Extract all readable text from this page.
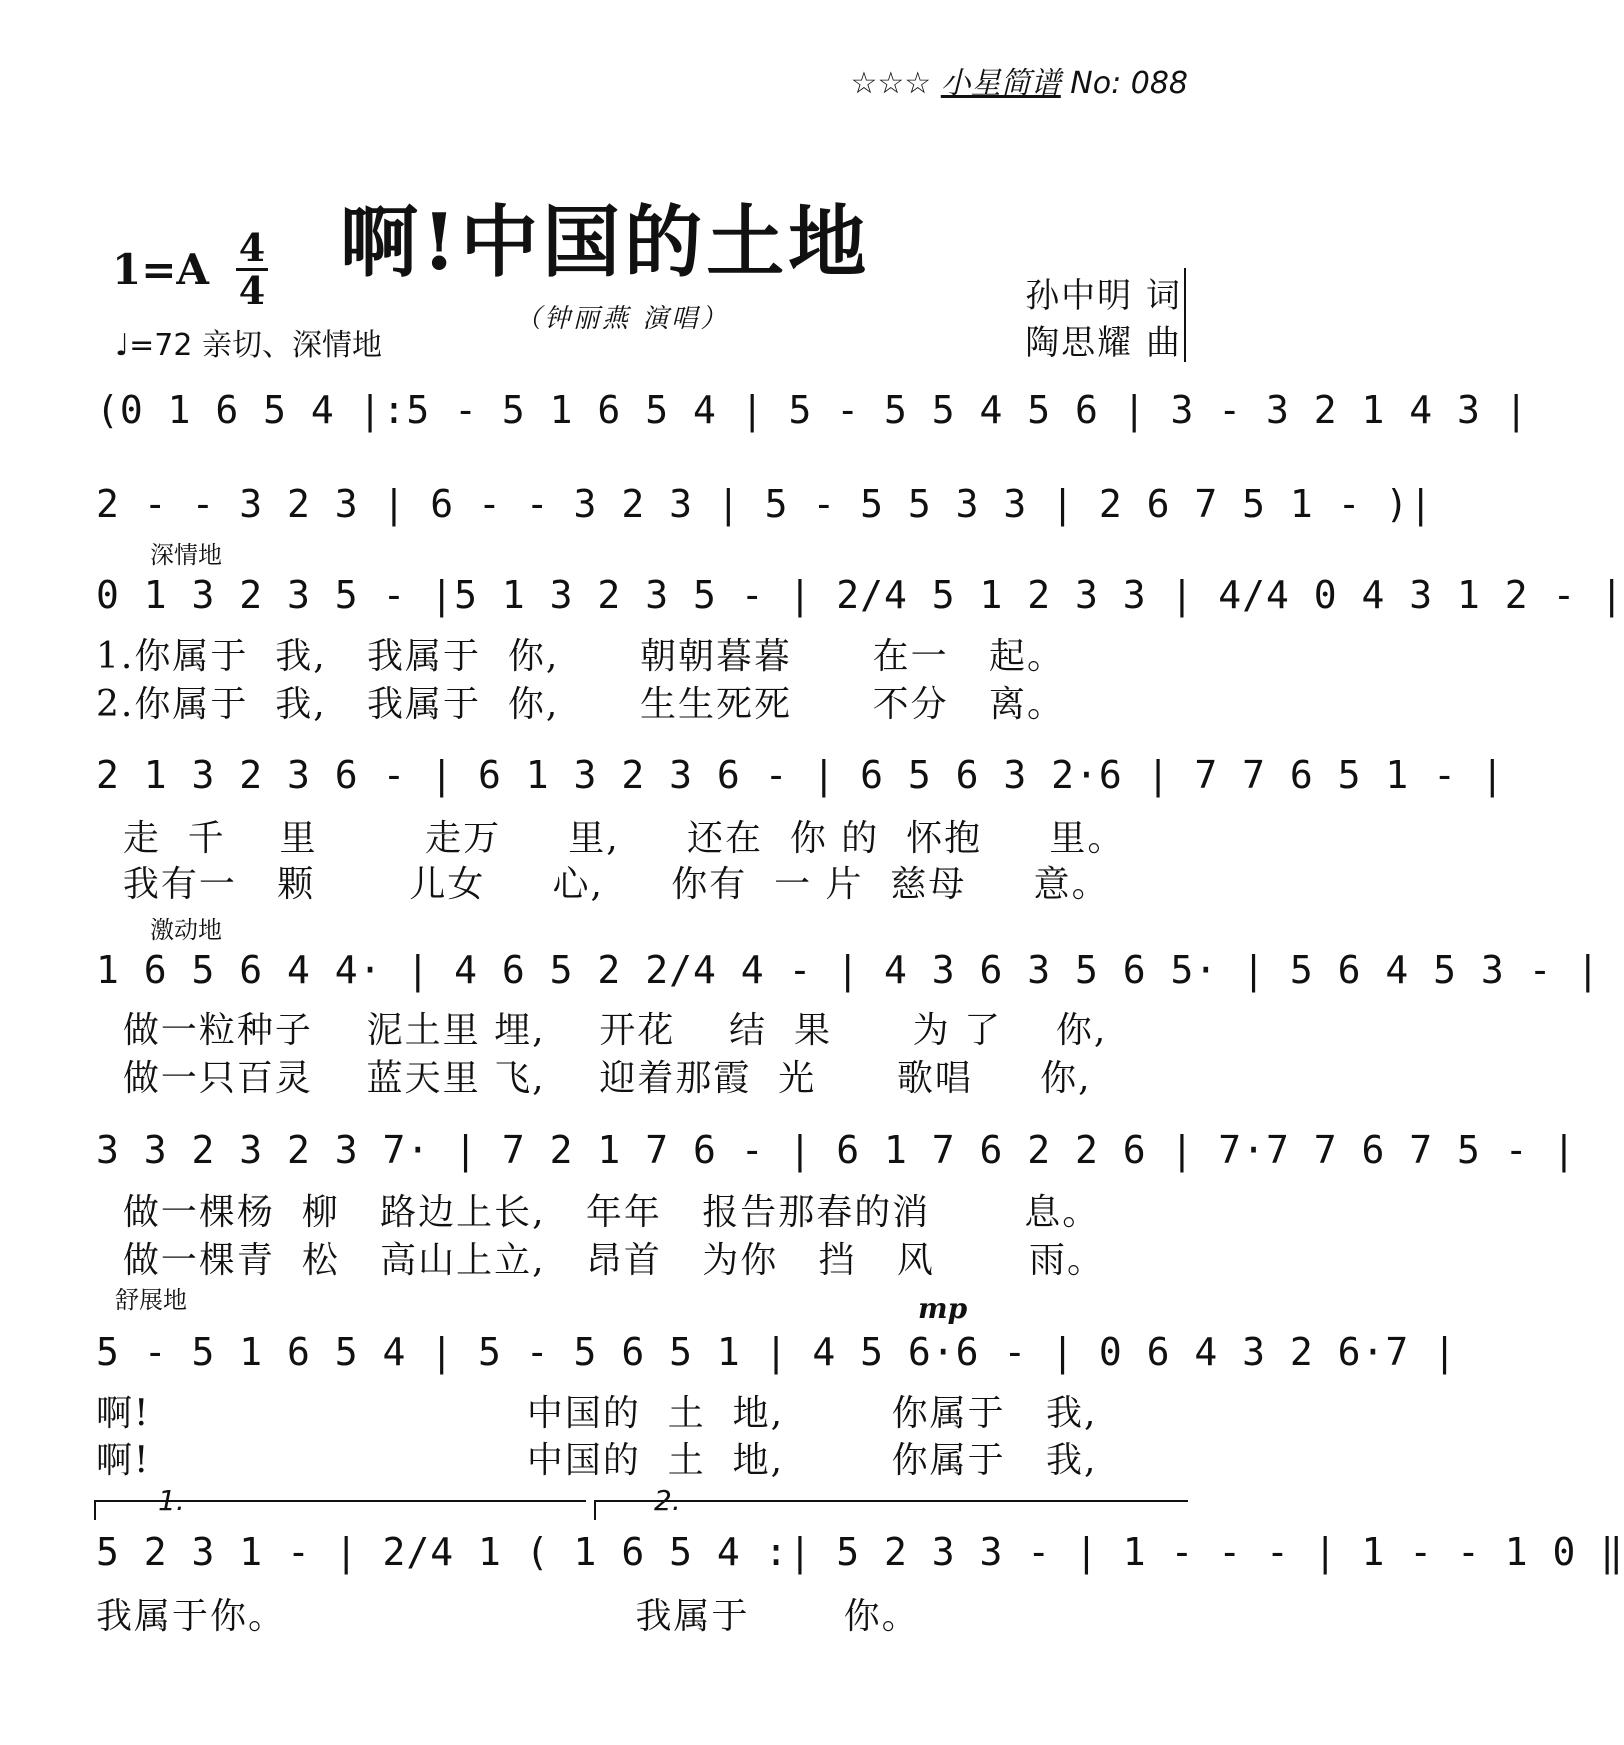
☆☆☆ 小星简谱 No: 088
啊!中国的土地
（钟丽燕 演唱）
1=A 4
4
♩=72 亲切、深情地
孙中明 词
陶思耀 曲
(0 1 6 5 4 |:5 - 5 1 6 5 4 | 5 - 5 5 4 5 6 | 3 - 3 2 1 4 3 |
2 - - 3 2 3 | 6 - - 3 2 3 | 5 - 5 5 3 3 | 2 6 7 5 1 - )|
深情地
0 1 3 2 3 5 - |5 1 3 2 3 5 - | 2/4 5 1 2 3 3 | 4/4 0 4 3 1 2 - |
1.你属于  我,   我属于  你,      朝朝暮暮      在一   起。
2.你属于  我,   我属于  你,      生生死死      不分   离。
2 1 3 2 3 6 - | 6 1 3 2 3 6 - | 6 5 6 3 2·6 | 7 7 6 5 1 - |
走  千    里        走万     里,     还在  你 的  怀抱     里。
我有一   颗       儿女     心,     你有  一 片  慈母     意。
激动地
1 6 5 6 4 4· | 4 6 5 2 2/4 4 - | 4 3 6 3 5 6 5· | 5 6 4 5 3 - |
做一粒种子    泥土里 埋,    开花    结  果      为 了    你,
做一只百灵    蓝天里 飞,    迎着那霞  光      歌唱     你,
3 3 2 3 2 3 7· | 7 2 1 7 6 - | 6 1 7 6 2 2 6 | 7·7 7 6 7 5 - |
做一棵杨  柳   路边上长,   年年   报告那春的消       息。
做一棵青  松   高山上立,   昂首   为你   挡   风       雨。
舒展地	mp
5 - 5 1 6 5 4 | 5 - 5 6 5 1 | 4 5 6·6 - | 0 6 4 3 2 6·7 |
啊!                            中国的  土  地,        你属于   我,
啊!                            中国的  土  地,        你属于   我,
1.	2.
5 2 3 1 - | 2/4 1 ( 1 6 5 4 :| 5 2 3 3 - | 1 - - - | 1 - - 1 0 ‖
我属于你。                          我属于       你。
